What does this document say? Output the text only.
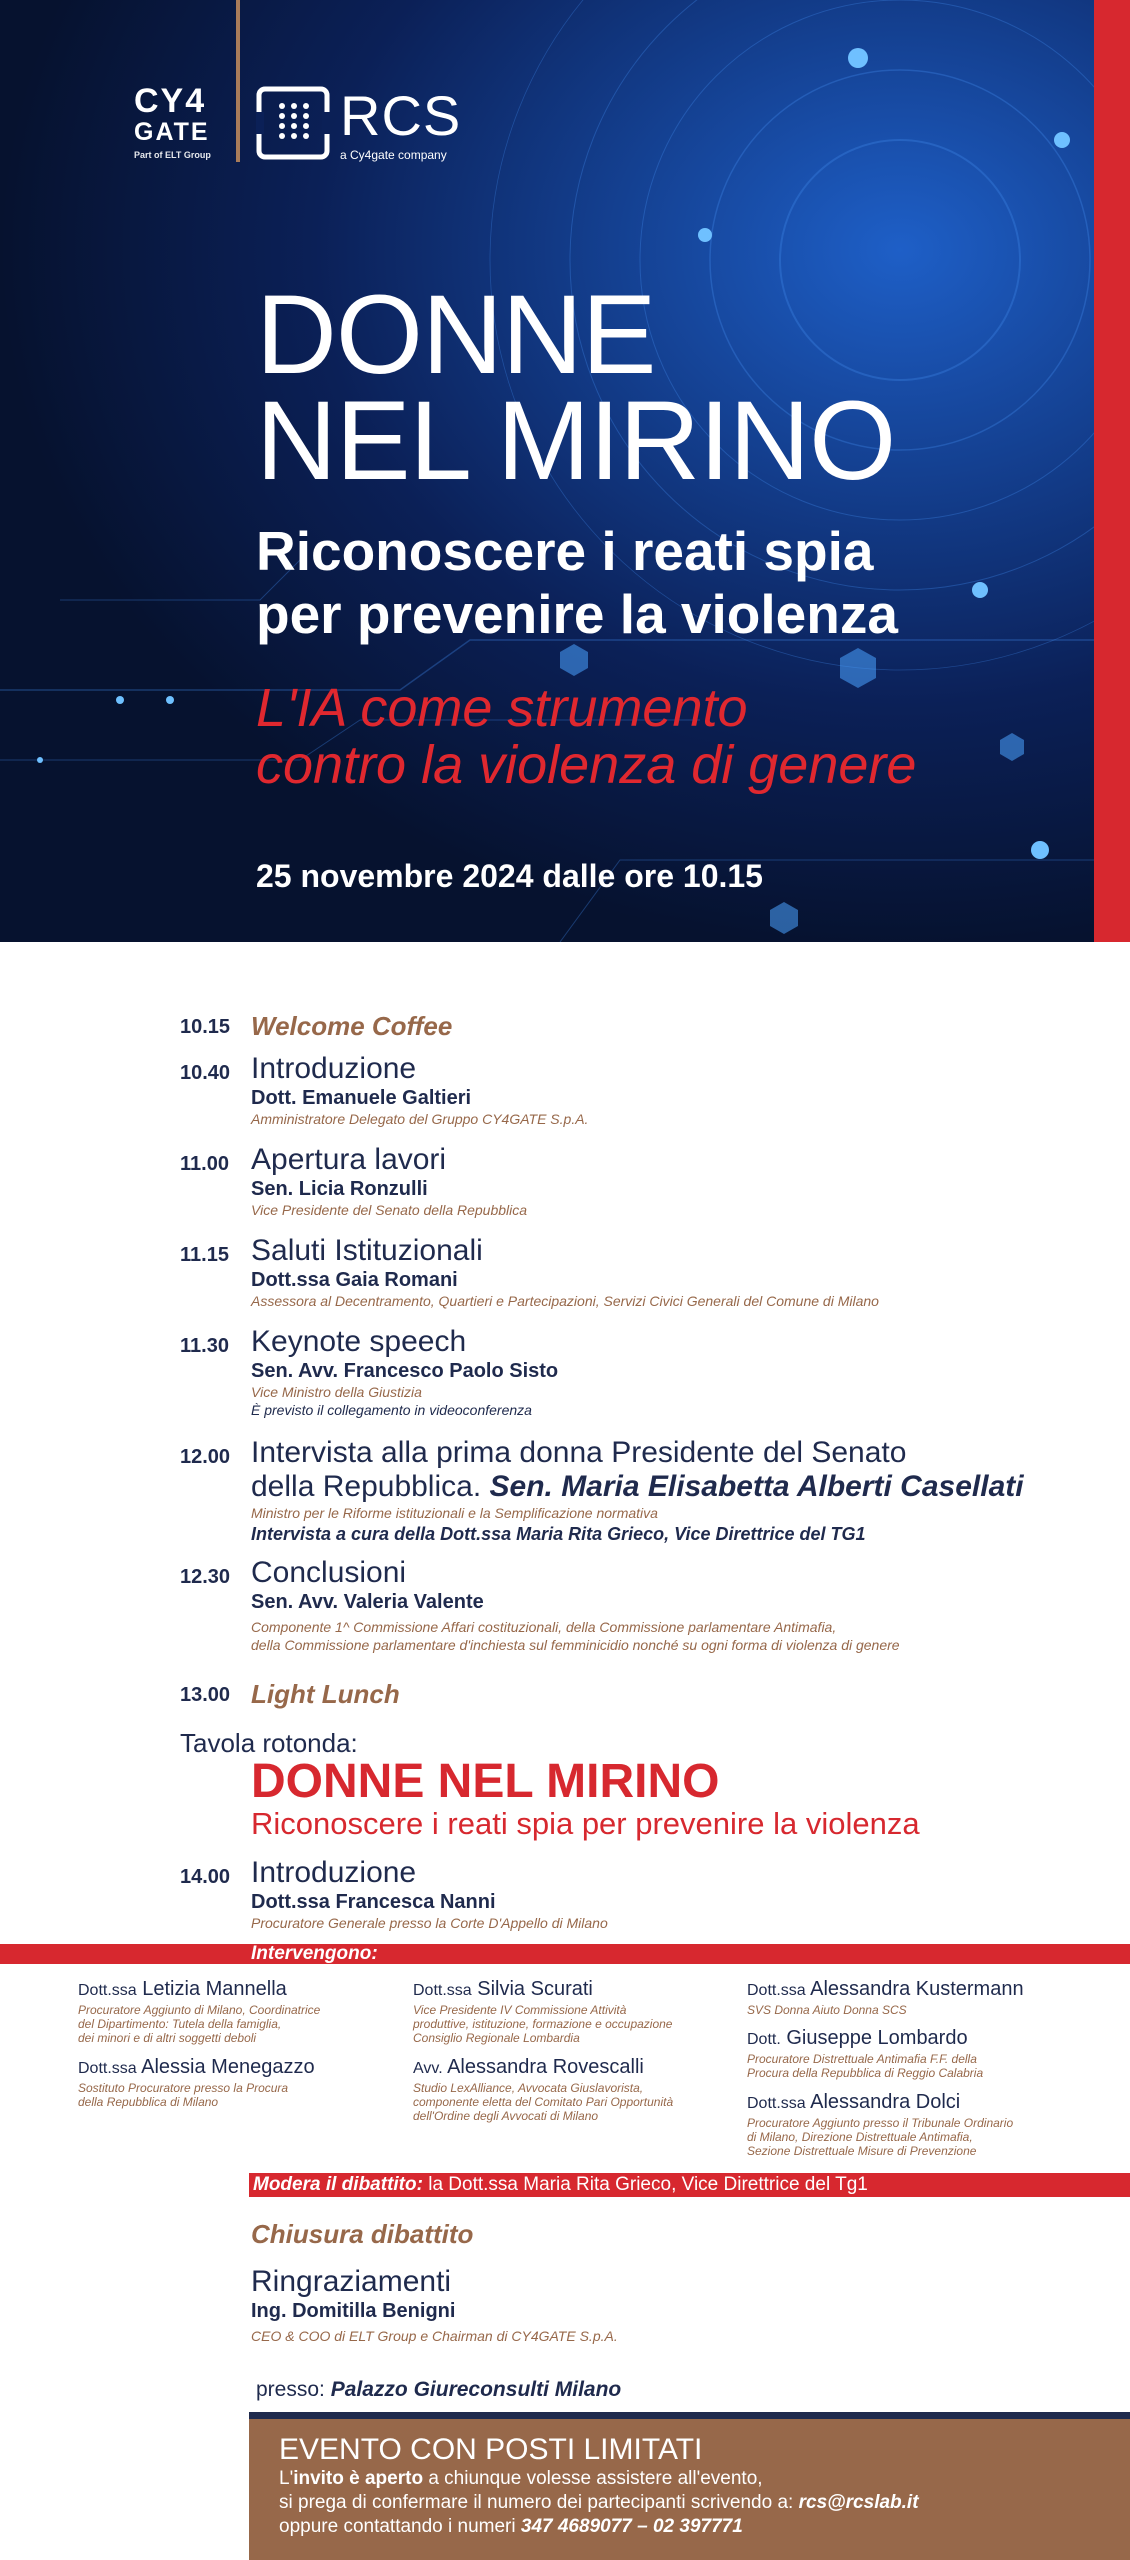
CY4
GATE
Part of ELT Group
RCS
a Cy4gate company
DONNE
NEL MIRINO
Riconoscere i reati spia
per prevenire la violenza
L'IA come strumento
contro la violenza di genere
25 novembre 2024 dalle ore 10.15
10.15 Welcome Coffee
10.40 Introduzione
Dott. Emanuele Galtieri
Amministratore Delegato del Gruppo CY4GATE S.p.A.
11.00 Apertura lavori
Sen. Licia Ronzulli
Vice Presidente del Senato della Repubblica
11.15 Saluti Istituzionali
Dott.ssa Gaia Romani
Assessora al Decentramento, Quartieri e Partecipazioni, Servizi Civici Generali del Comune di Milano
11.30 Keynote speech
Sen. Avv. Francesco Paolo Sisto
Vice Ministro della Giustizia
È previsto il collegamento in videoconferenza
12.00 Intervista alla prima donna Presidente del Senato
della Repubblica. Sen. Maria Elisabetta Alberti Casellati
Ministro per le Riforme istituzionali e la Semplificazione normativa
Intervista a cura della Dott.ssa Maria Rita Grieco, Vice Direttrice del TG1
12.30 Conclusioni
Sen. Avv. Valeria Valente
Componente 1^ Commissione Affari costituzionali, della Commissione parlamentare Antimafia,
della Commissione parlamentare d'inchiesta sul femminicidio nonché su ogni forma di violenza di genere
13.00 Light Lunch
Tavola rotonda:
DONNE NEL MIRINO
Riconoscere i reati spia per prevenire la violenza
14.00 Introduzione
Dott.ssa Francesca Nanni
Procuratore Generale presso la Corte D'Appello di Milano
Intervengono:
Dott.ssa Letizia Mannella
Procuratore Aggiunto di Milano, Coordinatrice
del Dipartimento: Tutela della famiglia,
dei minori e di altri soggetti deboli
Dott.ssa Alessia Menegazzo
Sostituto Procuratore presso la Procura
della Repubblica di Milano
Dott.ssa Silvia Scurati
Vice Presidente IV Commissione Attività
produttive, istituzione, formazione e occupazione
Consiglio Regionale Lombardia
Avv. Alessandra Rovescalli
Studio LexAlliance, Avvocata Giuslavorista,
componente eletta del Comitato Pari Opportunità
dell'Ordine degli Avvocati di Milano
Dott.ssa Alessandra Kustermann
SVS Donna Aiuto Donna SCS
Dott. Giuseppe Lombardo
Procuratore Distrettuale Antimafia F.F. della
Procura della Repubblica di Reggio Calabria
Dott.ssa Alessandra Dolci
Procuratore Aggiunto presso il Tribunale Ordinario
di Milano, Direzione Distrettuale Antimafia,
Sezione Distrettuale Misure di Prevenzione
Modera il dibattito: la Dott.ssa Maria Rita Grieco, Vice Direttrice del Tg1
Chiusura dibattito
Ringraziamenti
Ing. Domitilla Benigni
CEO & COO di ELT Group e Chairman di CY4GATE S.p.A.
presso: Palazzo Giureconsulti Milano
EVENTO CON POSTI LIMITATI
L'invito è aperto a chiunque volesse assistere all'evento,
si prega di confermare il numero dei partecipanti scrivendo a: rcs@rcslab.it
oppure contattando i numeri 347 4689077 – 02 397771
